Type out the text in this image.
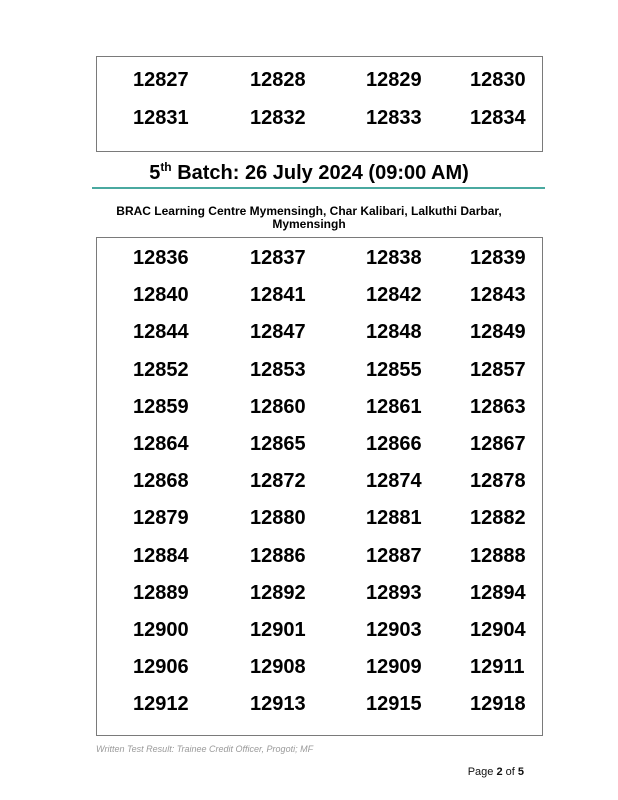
12827	12828	12829 12830
12831	12832	12833 12834
5th Batch: 26 July 2024 (09:00 AM)
BRAC Learning Centre Mymensingh, Char Kalibari, Lalkuthi Darbar, Mymensingh
12836	12837	12838 12839
12840	12841	12842 12843
12844	12847	12848 12849
12852	12853	12855 12857
12859	12860	12861 12863
12864	12865	12866 12867
12868	12872	12874 12878
12879	12880	12881 12882
12884	12886	12887 12888
12889	12892	12893 12894
12900	12901	12903 12904
12906	12908	12909 12911
12912	12913	12915 12918
Written Test Result: Trainee Credit Officer, Progoti; MF
Page 2 of 5
